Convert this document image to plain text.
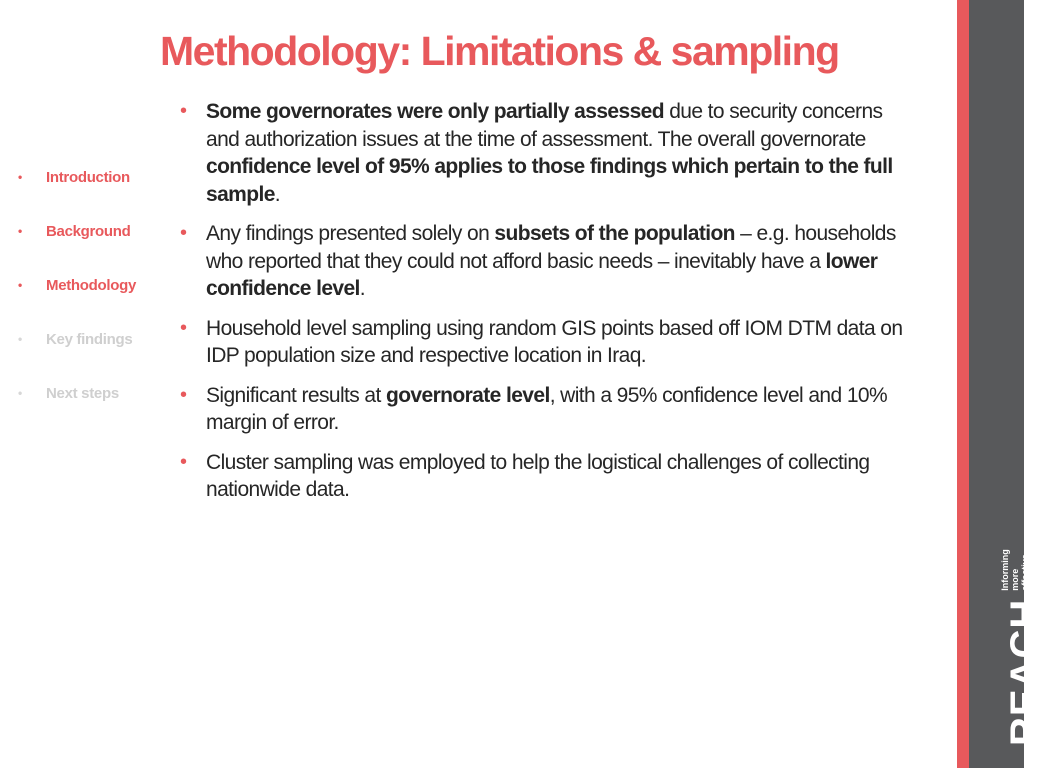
Methodology: Limitations & sampling
•	Introduction
•	Background
•	Methodology
•	Key findings
•	Next steps
• Some governorates were only partially assessed due to security concerns and authorization issues at the time of assessment. The overall governorate confidence level of 95% applies to those findings which pertain to the full sample.
• Any findings presented solely on subsets of the population – e.g. households who reported that they could not afford basic needs – inevitably have a lower confidence level.
• Household level sampling using random GIS points based off IOM DTM data on IDP population size and respective location in Iraq.
• Significant results at governorate level, with a 95% confidence level and 10% margin of error.
• Cluster sampling was employed to help the logistical challenges of collecting nationwide data.
REACH
Informing more effective humanitarian action
